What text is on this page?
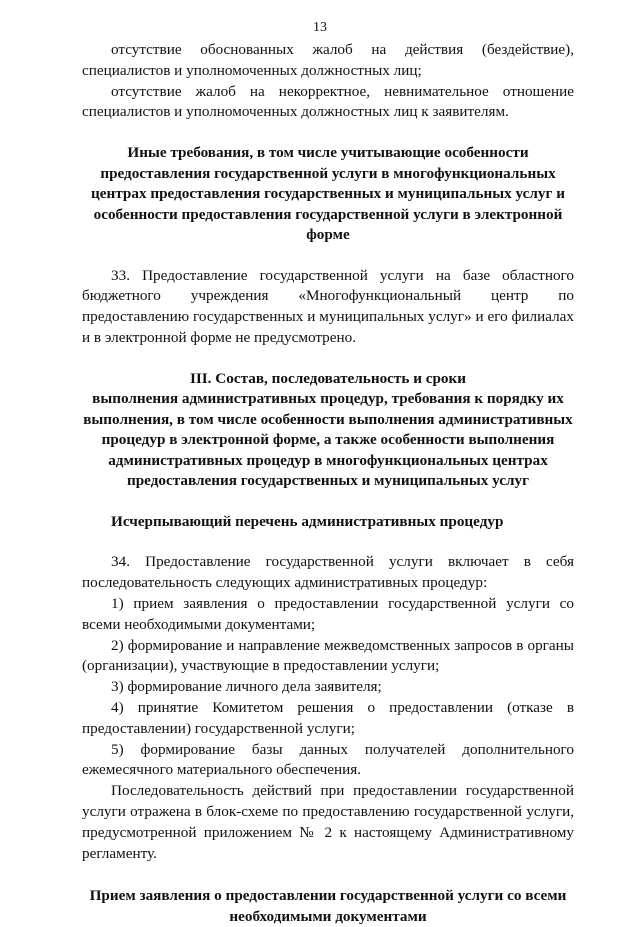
13

отсутствие обоснованных жалоб на действия (бездействие), специалистов и уполномоченных должностных лиц;

отсутствие жалоб на некорректное, невнимательное отношение специалистов и уполномоченных должностных лиц к заявителям.

Иные требования, в том числе учитывающие особенности предоставления государственной услуги в многофункциональных центрах предоставления государственных и муниципальных услуг и особенности предоставления государственной услуги в электронной форме

33. Предоставление государственной услуги на базе областного бюджетного учреждения «Многофункциональный центр по предоставлению государственных и муниципальных услуг» и его филиалах и в электронной форме не предусмотрено.

III. Состав, последовательность и сроки

выполнения административных процедур, требования к порядку их выполнения, в том числе особенности выполнения административных процедур в электронной форме, а также особенности выполнения административных процедур в многофункциональных центрах предоставления государственных и муниципальных услуг

Исчерпывающий перечень административных процедур

34. Предоставление государственной услуги включает в себя последовательность следующих административных процедур:

1) прием заявления о предоставлении государственной услуги со всеми необходимыми документами;

2) формирование и направление межведомственных запросов в органы (организации), участвующие в предоставлении услуги;

3) формирование личного дела заявителя;

4) принятие Комитетом решения о предоставлении (отказе в предоставлении) государственной услуги;

5) формирование базы данных получателей дополнительного ежемесячного материального обеспечения.

Последовательность действий при предоставлении государственной услуги отражена в блок-схеме по предоставлению государственной услуги, предусмотренной приложением № 2 к настоящему Административному регламенту.

Прием заявления о предоставлении государственной услуги со всеми необходимыми документами
